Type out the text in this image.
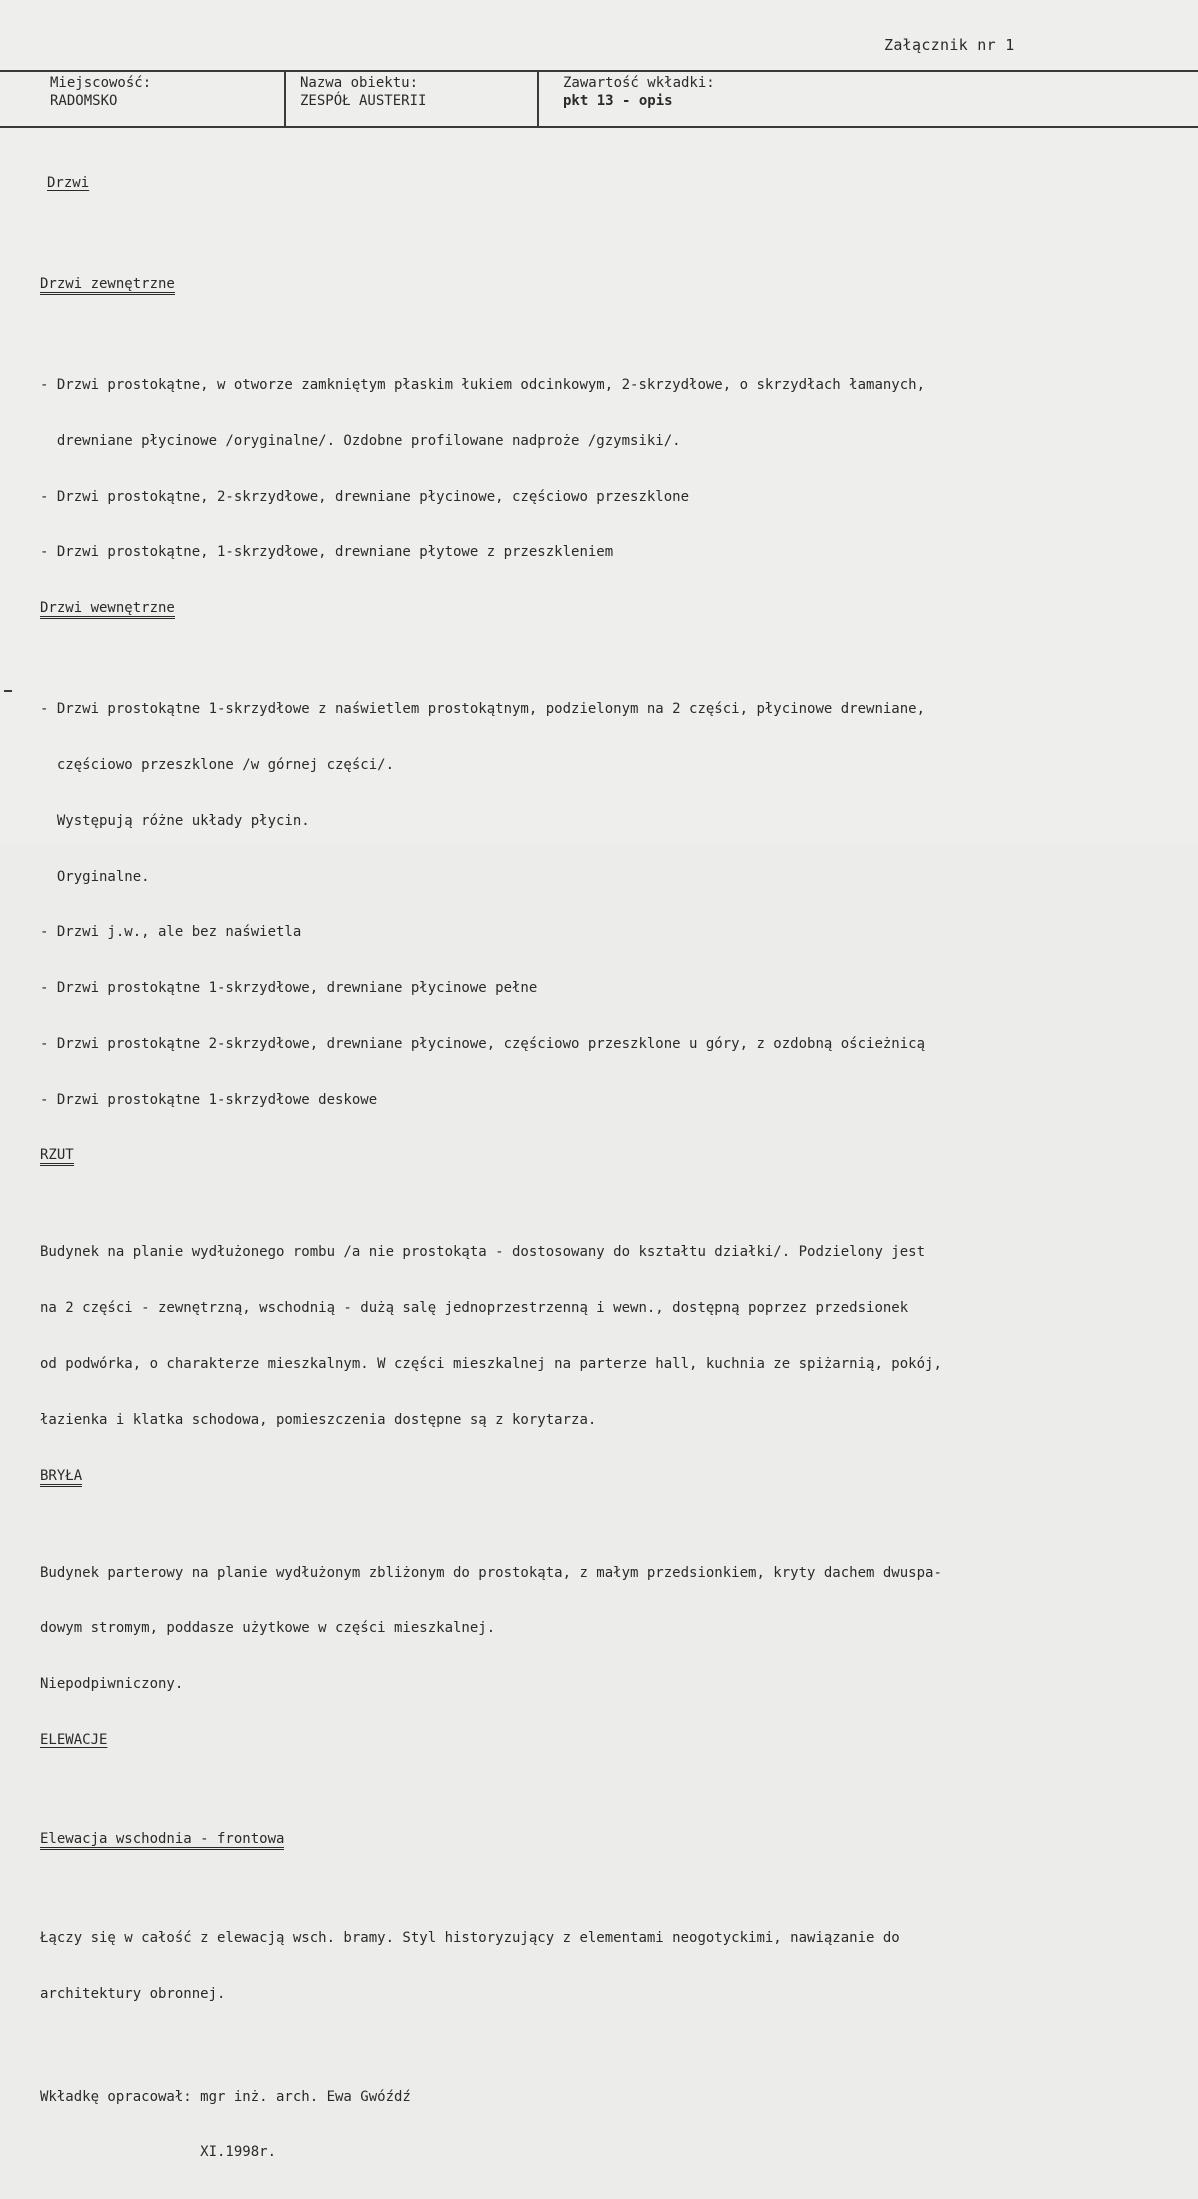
Załącznik nr 1
Miejscowość:
RADOMSKO
Nazwa obiektu:
ZESPÓŁ AUSTERII
Zawartość wkładki:
pkt 13 - opis

Drzwi

Drzwi zewnętrzne

- Drzwi prostokątne, w otworze zamkniętym płaskim łukiem odcinkowym, 2-skrzydłowe, o skrzydłach łamanych,

drewniane płycinowe /oryginalne/. Ozdobne profilowane nadproże /gzymsiki/.

- Drzwi prostokątne, 2-skrzydłowe, drewniane płycinowe, częściowo przeszklone

- Drzwi prostokątne, 1-skrzydłowe, drewniane płytowe z przeszkleniem

Drzwi wewnętrzne

- Drzwi prostokątne 1-skrzydłowe z naświetlem prostokątnym, podzielonym na 2 części, płycinowe drewniane,

częściowo przeszklone /w górnej części/.

Występują różne układy płycin.

Oryginalne.

- Drzwi j.w., ale bez naświetla

- Drzwi prostokątne 1-skrzydłowe, drewniane płycinowe pełne

- Drzwi prostokątne 2-skrzydłowe, drewniane płycinowe, częściowo przeszklone u góry, z ozdobną ościeżnicą

- Drzwi prostokątne 1-skrzydłowe deskowe

RZUT

Budynek na planie wydłużonego rombu /a nie prostokąta - dostosowany do kształtu działki/. Podzielony jest

na 2 części - zewnętrzną, wschodnią - dużą salę jednoprzestrzenną i wewn., dostępną poprzez przedsionek

od podwórka, o charakterze mieszkalnym. W części mieszkalnej na parterze hall, kuchnia ze spiżarnią, pokój,

łazienka i klatka schodowa, pomieszczenia dostępne są z korytarza.

BRYŁA

Budynek parterowy na planie wydłużonym zbliżonym do prostokąta, z małym przedsionkiem, kryty dachem dwuspa-

dowym stromym, poddasze użytkowe w części mieszkalnej.

Niepodpiwniczony.

ELEWACJE

Elewacja wschodnia - frontowa

Łączy się w całość z elewacją wsch. bramy. Styl historyzujący z elementami neogotyckimi, nawiązanie do

architektury obronnej.

Wkładkę opracował: mgr inż. arch. Ewa Gwóźdź

XI.1998r.
